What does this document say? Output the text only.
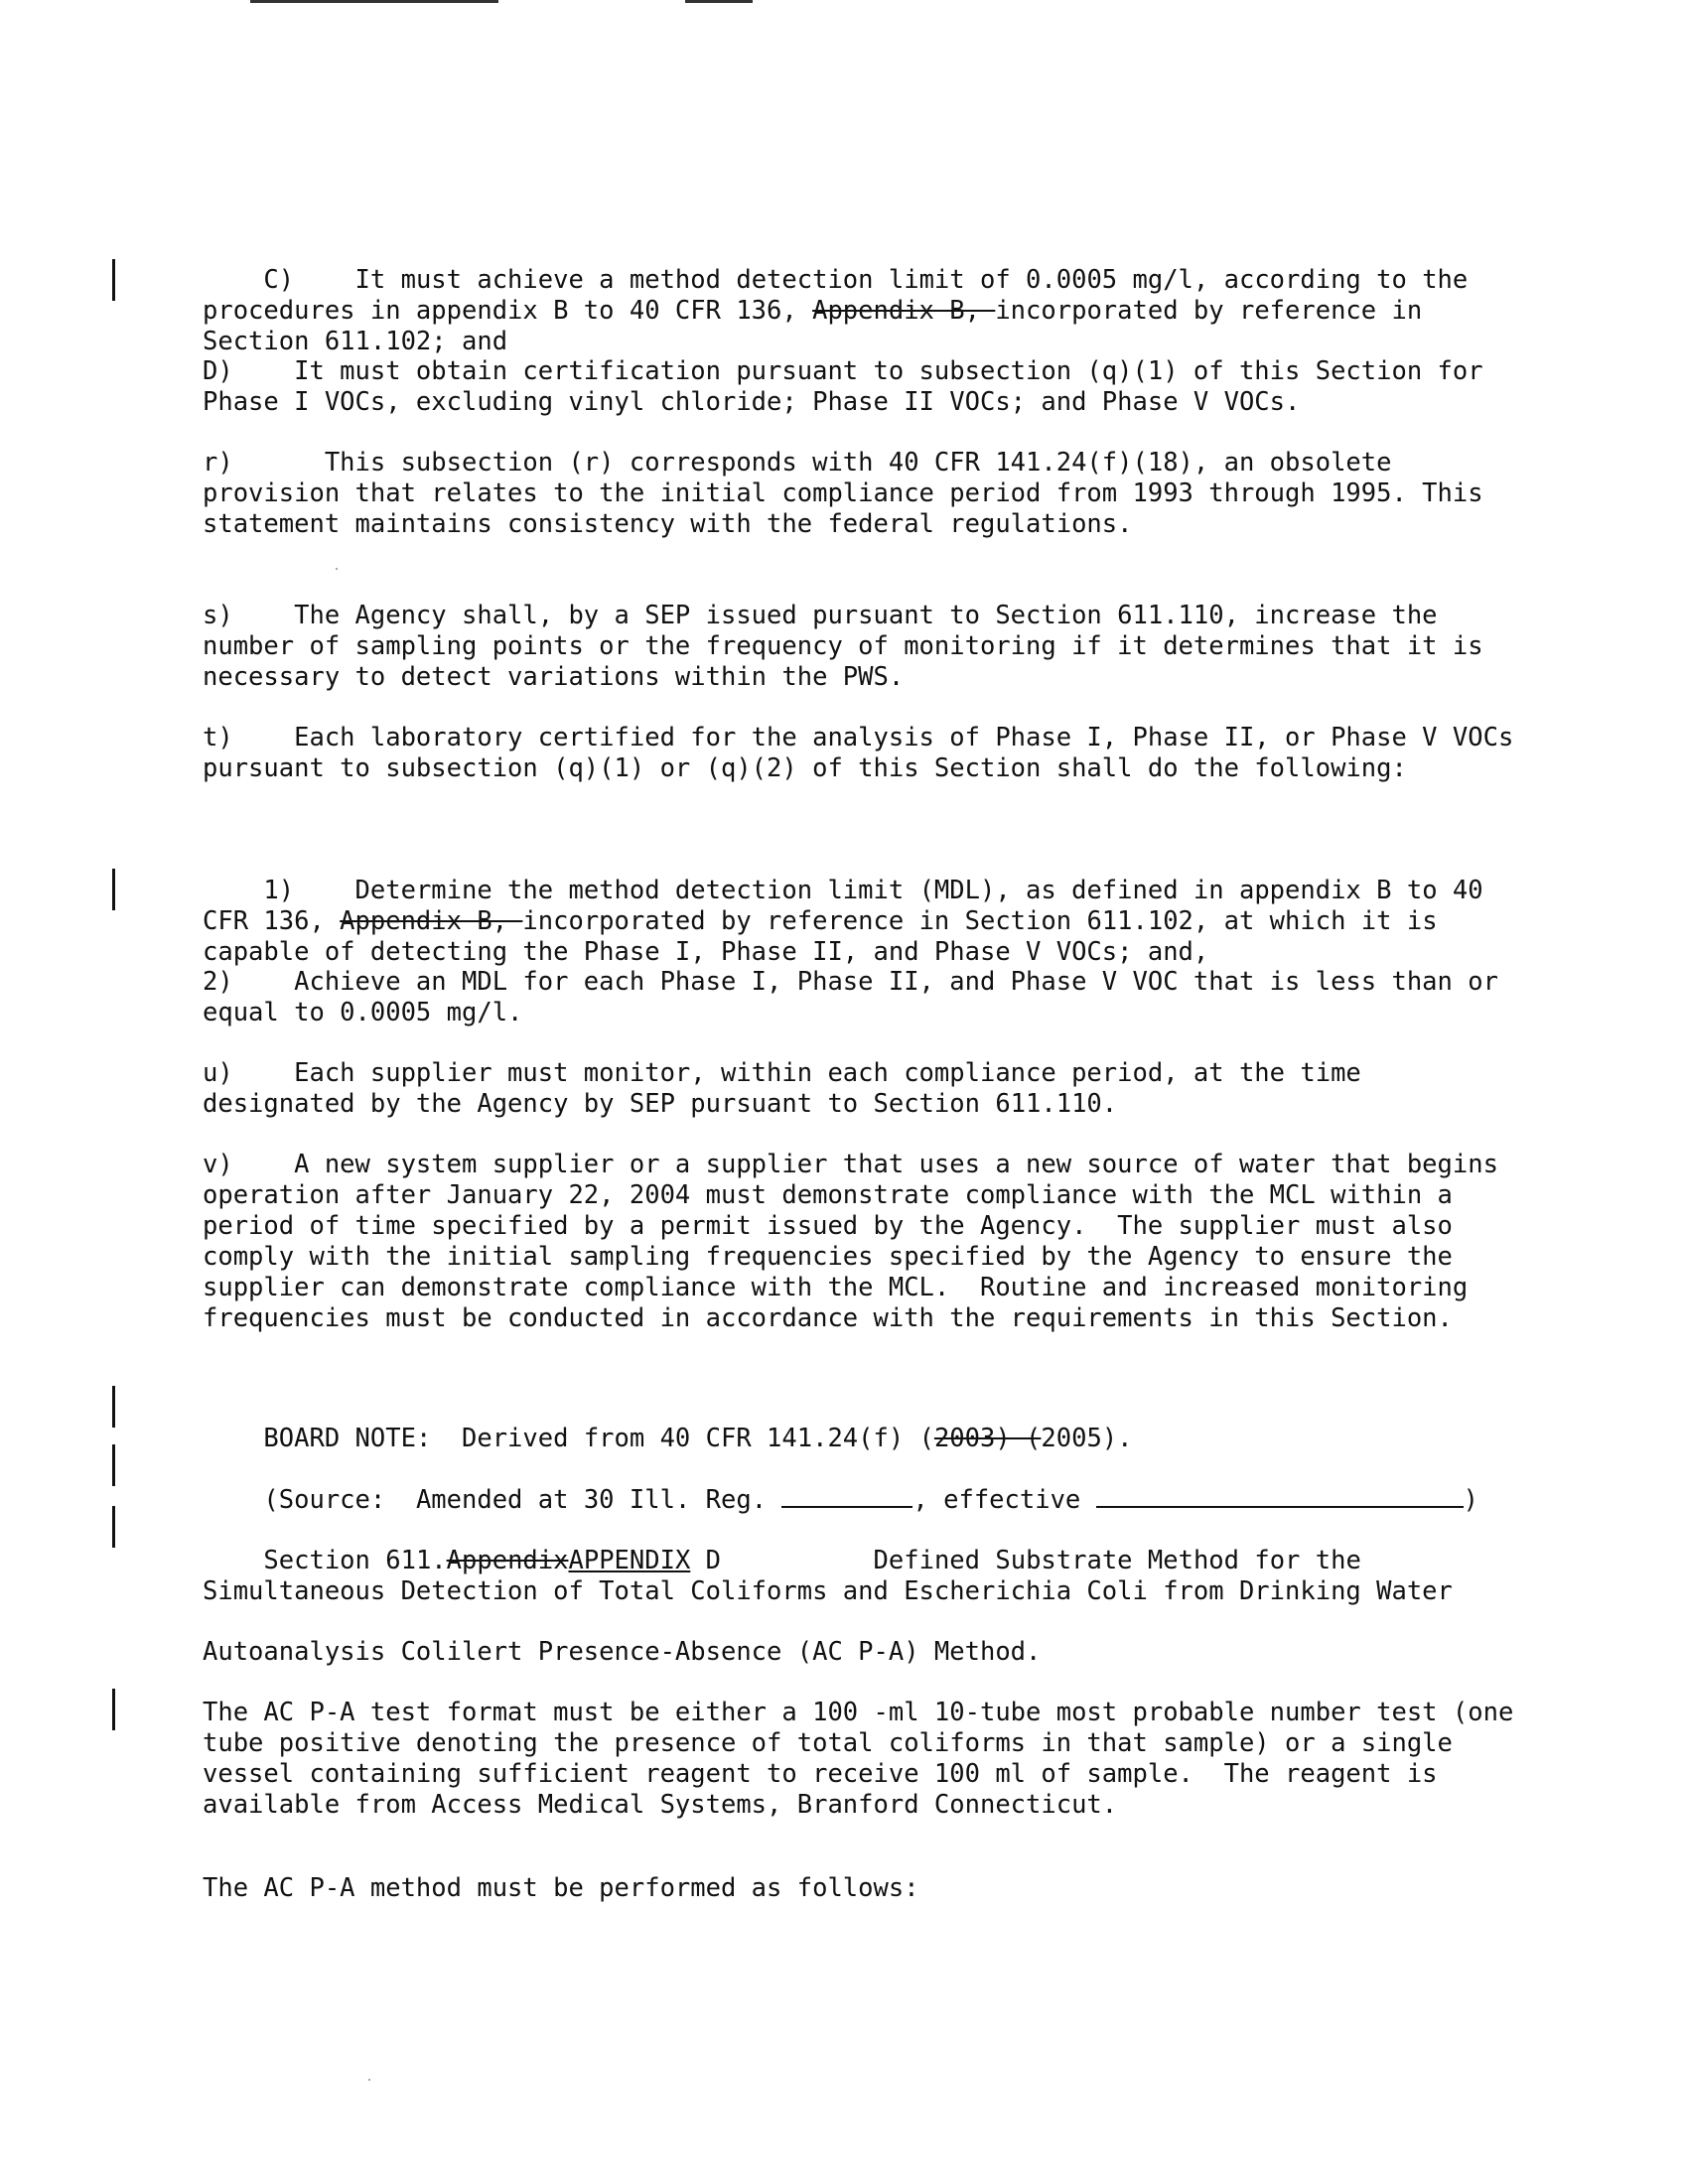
C)    It must achieve a method detection limit of 0.0005 mg/l, according to the procedures in appendix B to 40 CFR 136, Appendix B, incorporated by reference in Section 611.102; and

D)    It must obtain certification pursuant to subsection (q)(1) of this Section for Phase I VOCs, excluding vinyl chloride; Phase II VOCs; and Phase V VOCs.

r)      This subsection (r) corresponds with 40 CFR 141.24(f)(18), an obsolete provision that relates to the initial compliance period from 1993 through 1995. This statement maintains consistency with the federal regulations.

s)    The Agency shall, by a SEP issued pursuant to Section 611.110, increase the number of sampling points or the frequency of monitoring if it determines that it is necessary to detect variations within the PWS.

t)    Each laboratory certified for the analysis of Phase I, Phase II, or Phase V VOCs pursuant to subsection (q)(1) or (q)(2) of this Section shall do the following:

1)    Determine the method detection limit (MDL), as defined in appendix B to 40 CFR 136, Appendix B, incorporated by reference in Section 611.102, at which it is capable of detecting the Phase I, Phase II, and Phase V VOCs; and,

2)    Achieve an MDL for each Phase I, Phase II, and Phase V VOC that is less than or equal to 0.0005 mg/l.

u)    Each supplier must monitor, within each compliance period, at the time designated by the Agency by SEP pursuant to Section 611.110.

v)    A new system supplier or a supplier that uses a new source of water that begins operation after January 22, 2004 must demonstrate compliance with the MCL within a period of time specified by a permit issued by the Agency.  The supplier must also comply with the initial sampling frequencies specified by the Agency to ensure the supplier can demonstrate compliance with the MCL.  Routine and increased monitoring frequencies must be conducted in accordance with the requirements in this Section.

BOARD NOTE:  Derived from 40 CFR 141.24(f) (2003) (2005).

(Source:  Amended at 30 Ill. Reg.	, effective	)

Section 611.AppendixAPPENDIX D          Defined Substrate Method for the Simultaneous Detection of Total Coliforms and Escherichia Coli from Drinking Water

Autoanalysis Colilert Presence-Absence (AC P-A) Method.

The AC P-A test format must be either a 100 -ml 10-tube most probable number test (one  tube positive denoting the presence of total coliforms in that sample) or a single vessel containing sufficient reagent to receive 100 ml of sample.  The reagent is available from Access Medical Systems, Branford Connecticut.

The AC P-A method must be performed as follows:
